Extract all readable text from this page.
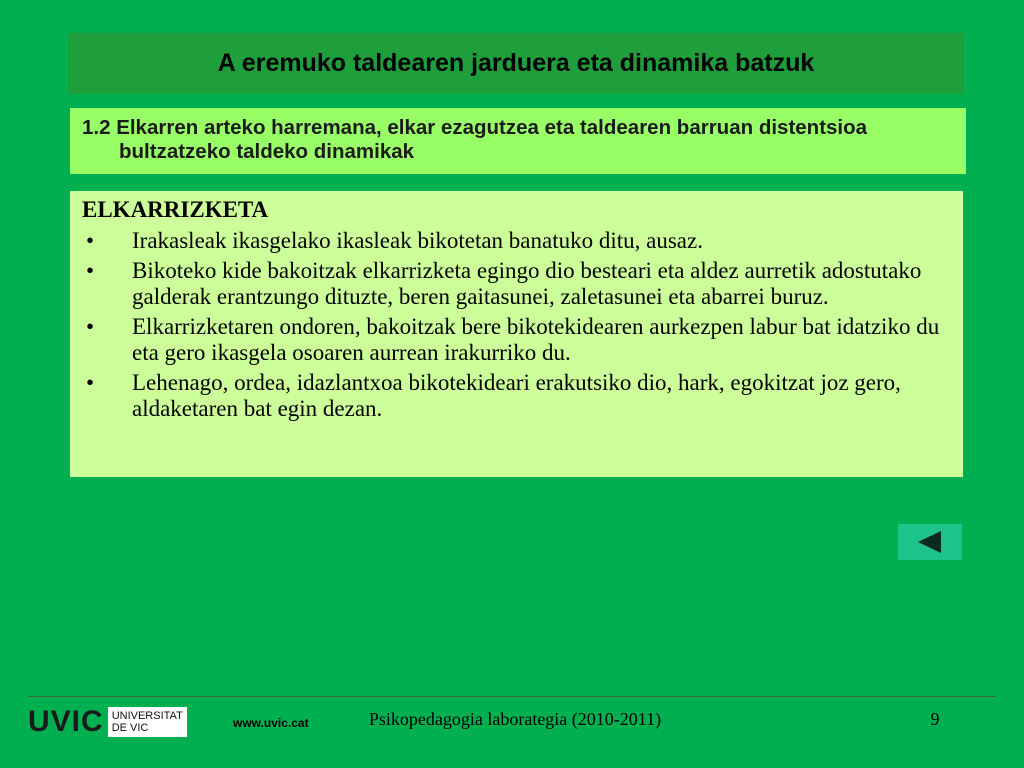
A eremuko taldearen jarduera eta dinamika batzuk

1.2 Elkarren arteko harremana, elkar ezagutzea eta taldearen barruan distentsioa bultzatzeko taldeko dinamikak

ELKARRIZKETA
• Irakasleak ikasgelako ikasleak bikotetan banatuko ditu, ausaz.
• Bikoteko kide bakoitzak elkarrizketa egingo dio besteari eta aldez aurretik adostutako galderak erantzungo dituzte, beren gaitasunei, zaletasunei eta abarrei buruz.
• Elkarrizketaren ondoren, bakoitzak bere bikotekidearen aurkezpen labur bat idatziko du eta gero ikasgela osoaren aurrean irakurriko du.
• Lehenago, ordea, idazlantxoa bikotekideari erakutsiko dio, hark, egokitzat joz gero, aldaketaren bat egin dezan.
UVIC UNIVERSITAT
DE VIC	www.uvic.cat	Psikopedagogia laborategia (2010-2011)	9
